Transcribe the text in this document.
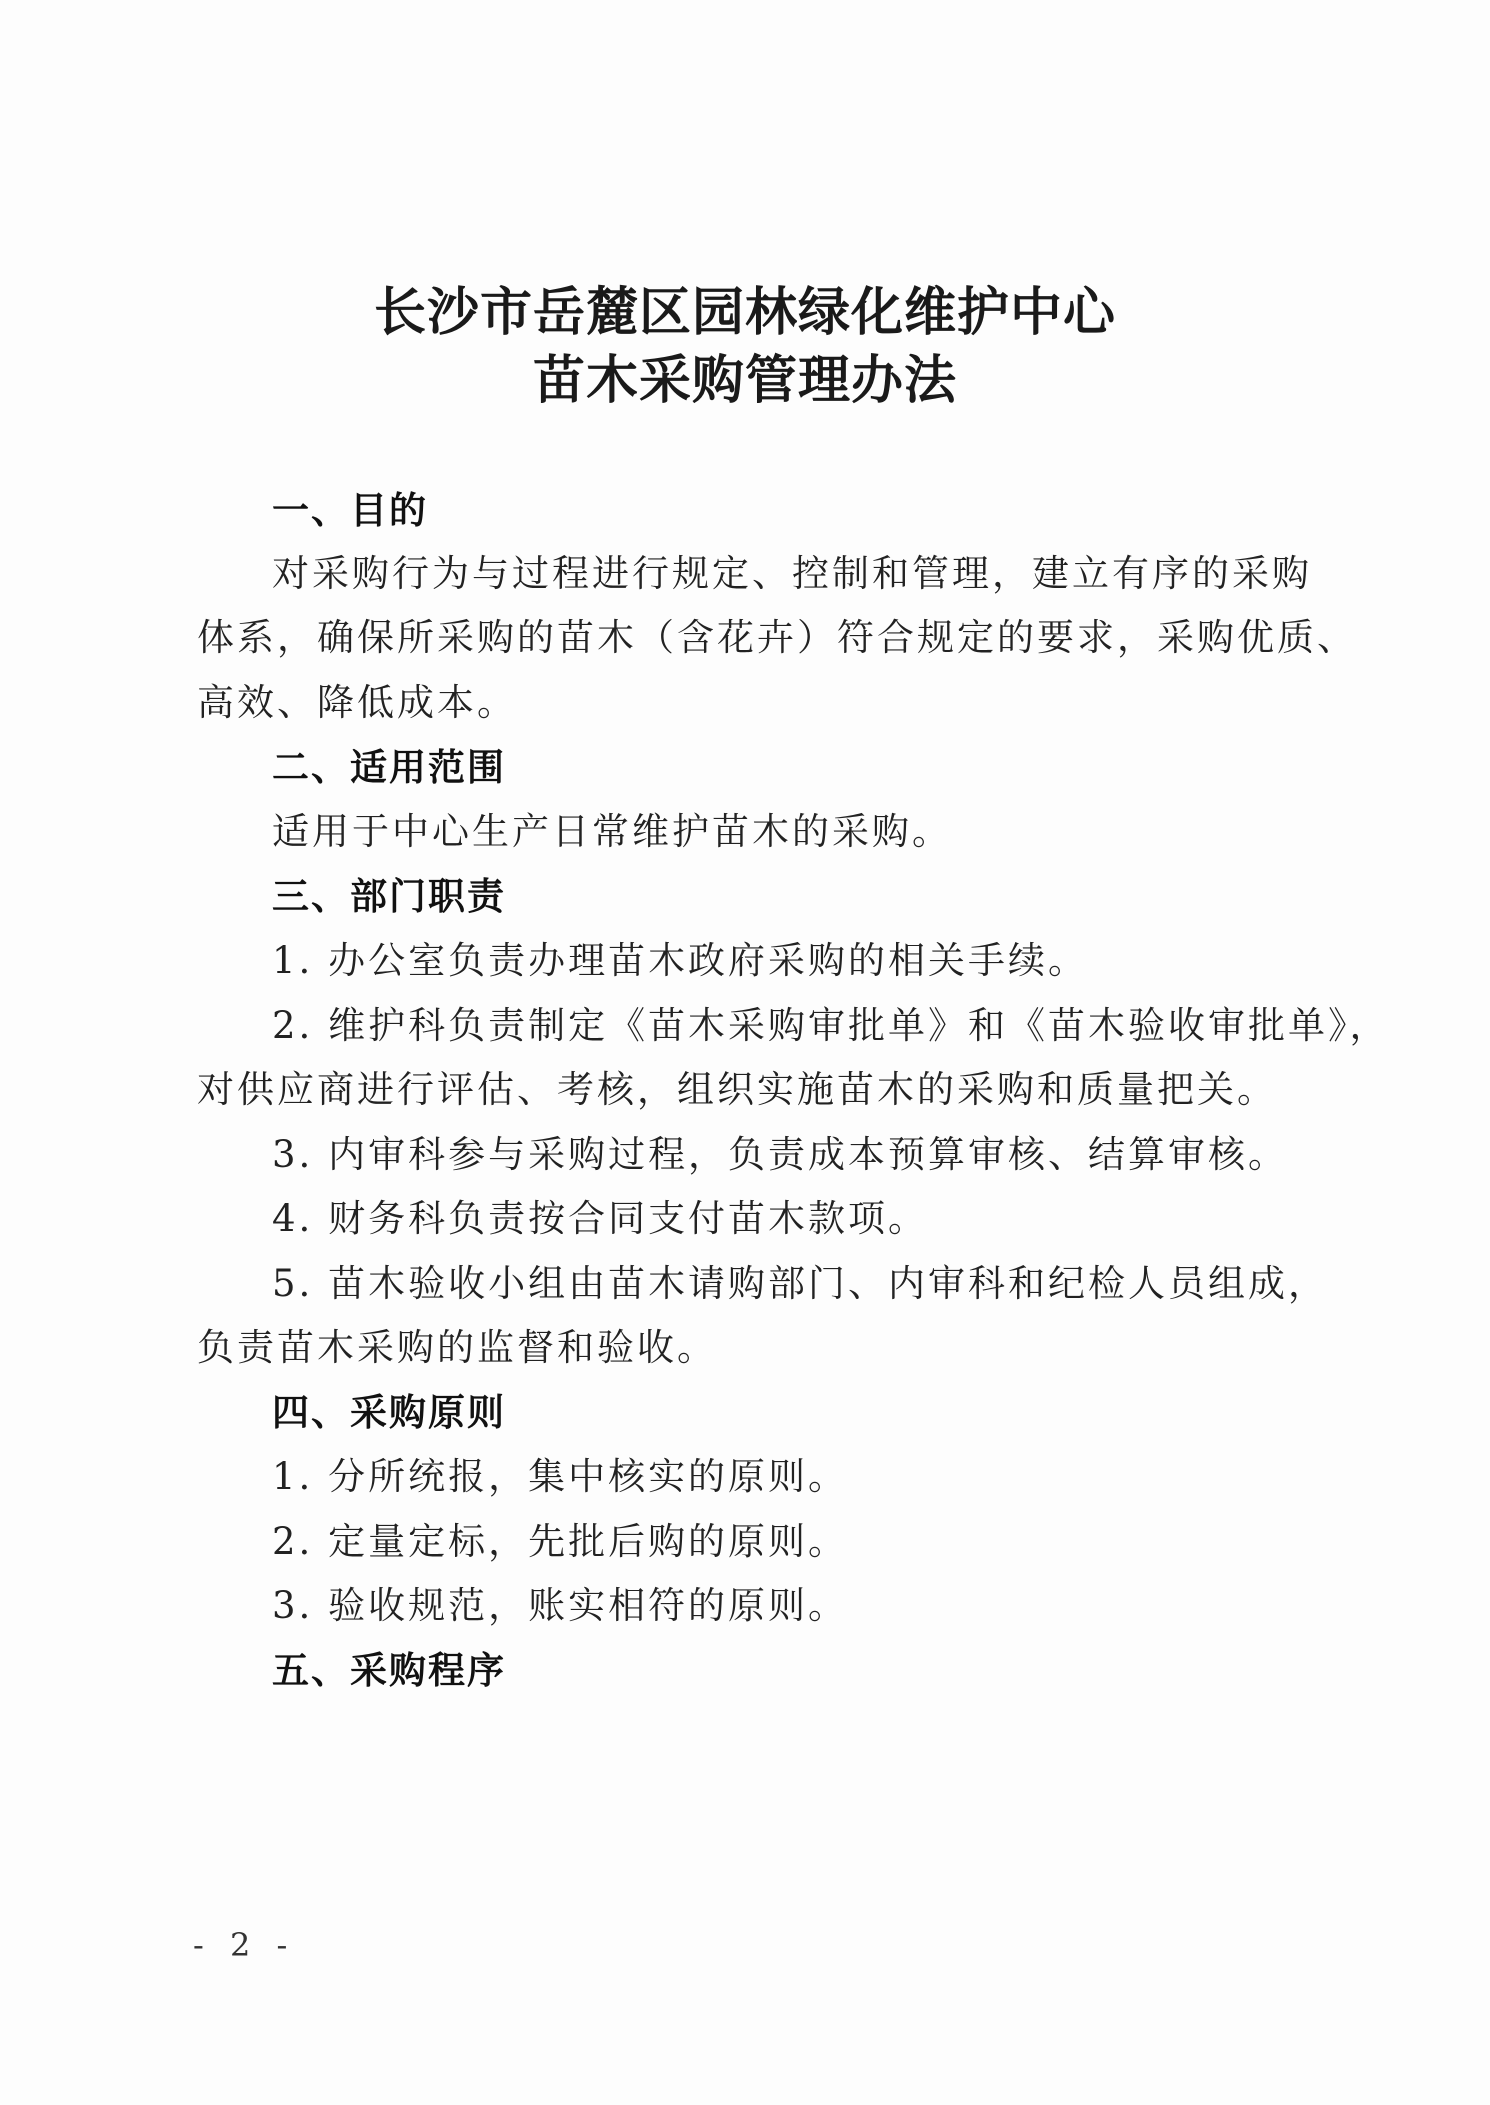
长沙市岳麓区园林绿化维护中心
苗木采购管理办法
一、目的
对采购行为与过程进行规定、控制和管理，建立有序的采购
体系，确保所采购的苗木（含花卉）符合规定的要求，采购优质、
高效、降低成本。
二、适用范围
适用于中心生产日常维护苗木的采购。
三、部门职责
1. 办公室负责办理苗木政府采购的相关手续。
2. 维护科负责制定《苗木采购审批单》和《苗木验收审批单》，
对供应商进行评估、考核，组织实施苗木的采购和质量把关。
3. 内审科参与采购过程，负责成本预算审核、结算审核。
4. 财务科负责按合同支付苗木款项。
5. 苗木验收小组由苗木请购部门、内审科和纪检人员组成，
负责苗木采购的监督和验收。
四、采购原则
1. 分所统报，集中核实的原则。
2. 定量定标，先批后购的原则。
3. 验收规范，账实相符的原则。
五、采购程序
- 2 -
